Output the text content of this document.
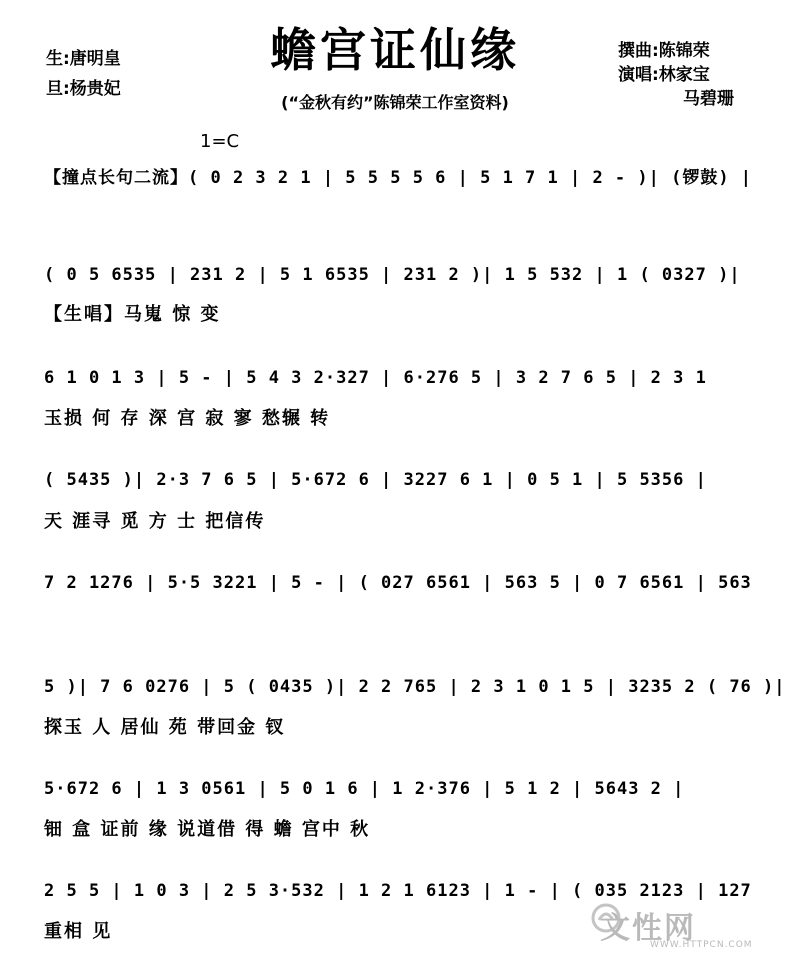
蟾宫证仙缘
(“金秋有约”陈锦荣工作室资料)
生:唐明皇
旦:杨贵妃
撰曲:陈锦荣
演唱:林家宝
马碧珊
1=C
【撞点长句二流】( 0 2 3 2 1 | 5 5 5 5 6 | 5 1 7 1 | 2 - )| (锣鼓) |
( 0 5 6535 | 231 2 | 5 1 6535 | 231 2 )| 1 5 532 | 1 ( 0327 )|
【生唱】马嵬 惊 变
6 1 0 1 3 | 5 - | 5 4 3 2·327 | 6·276 5 | 3 2 7 6 5 | 2 3 1
玉损 何 存 深 宫 寂 寥 愁辗 转
( 5435 )| 2·3 7 6 5 | 5·672 6 | 3227 6 1 | 0 5 1 | 5 5356 |
天 涯寻 觅 方 士 把信传
7 2 1276 | 5·5 3221 | 5 - | ( 027 6561 | 563 5 | 0 7 6561 | 563
5 )| 7 6 0276 | 5 ( 0435 )| 2 2 765 | 2 3 1 0 1 5 | 3235 2 ( 76 )|
探玉 人 居仙 苑 带回金 钗
5·672 6 | 1 3 0561 | 5 0 1 6 | 1 2·376 | 5 1 2 | 5643 2 |
钿 盒 证前 缘 说道借 得 蟾 宫中 秋
2 5 5 | 1 0 3 | 2 5 3·532 | 1 2 1 6123 | 1 - | ( 035 2123 | 127
重相 见	文性网
WWW.HTTPCN.COM
